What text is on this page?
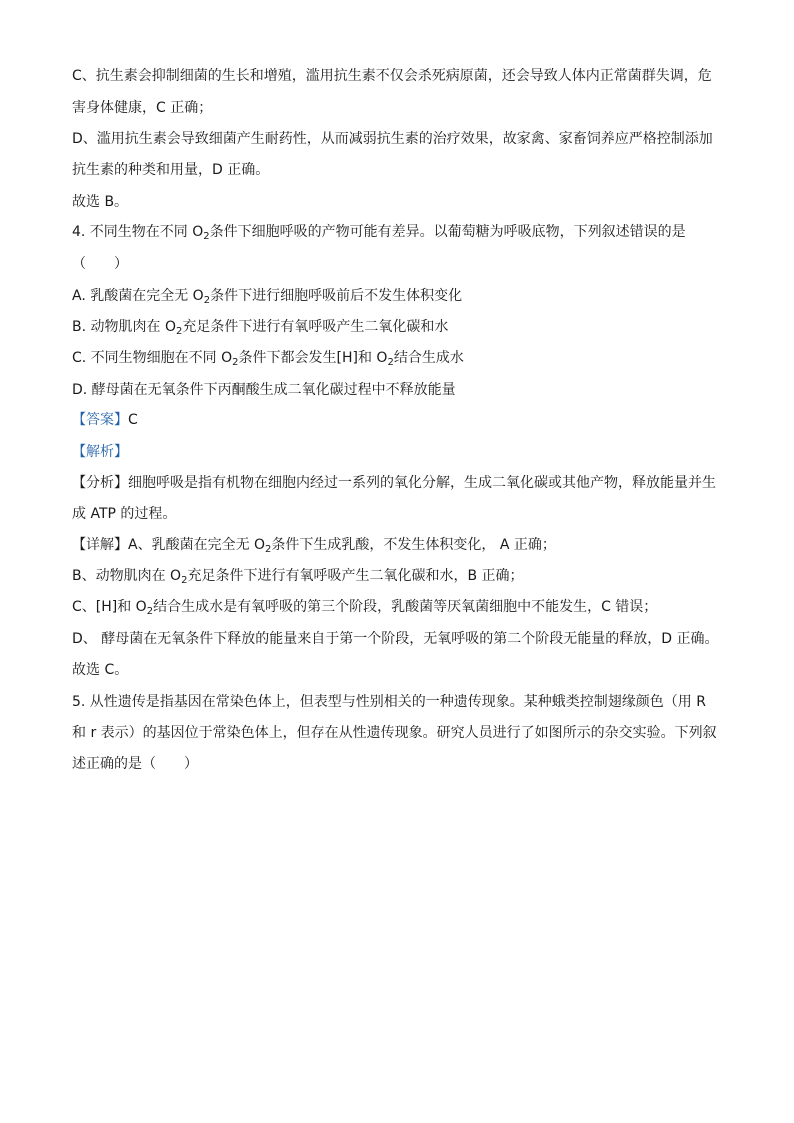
C、抗生素会抑制细菌的生长和增殖，滥用抗生素不仅会杀死病原菌，还会导致人体内正常菌群失调，危
害身体健康，C 正确；
D、滥用抗生素会导致细菌产生耐药性，从而减弱抗生素的治疗效果，故家禽、家畜饲养应严格控制添加
抗生素的种类和用量，D 正确。
故选 B。
4. 不同生物在不同 $O_2$条件下细胞呼吸的产物可能有差异。以葡萄糖为呼吸底物，下列叙述错误的是
（　　）
A. 乳酸菌在完全无 $O_2$条件下进行细胞呼吸前后不发生体积变化
B. 动物肌肉在 $O_2$充足条件下进行有氧呼吸产生二氧化碳和水
C. 不同生物细胞在不同 $O_2$条件下都会发生[H]和 $O_2$结合生成水
D. 酵母菌在无氧条件下丙酮酸生成二氧化碳过程中不释放能量
【答案】C
【解析】
【分析】细胞呼吸是指有机物在细胞内经过一系列的氧化分解，生成二氧化碳或其他产物，释放能量并生
成 ATP 的过程。
【详解】A、乳酸菌在完全无 $O_2$条件下生成乳酸，不发生体积变化， A 正确；
B、动物肌肉在 $O_2$充足条件下进行有氧呼吸产生二氧化碳和水，B 正确；
C、[H]和 $O_2$结合生成水是有氧呼吸的第三个阶段，乳酸菌等厌氧菌细胞中不能发生，C 错误；
D、 酵母菌在无氧条件下释放的能量来自于第一个阶段，无氧呼吸的第二个阶段无能量的释放，D 正确。
故选 C。
5. 从性遗传是指基因在常染色体上，但表型与性别相关的一种遗传现象。某种蛾类控制翅缘颜色（用 R
和 r 表示）的基因位于常染色体上，但存在从性遗传现象。研究人员进行了如图所示的杂交实验。下列叙
述正确的是（　　）
